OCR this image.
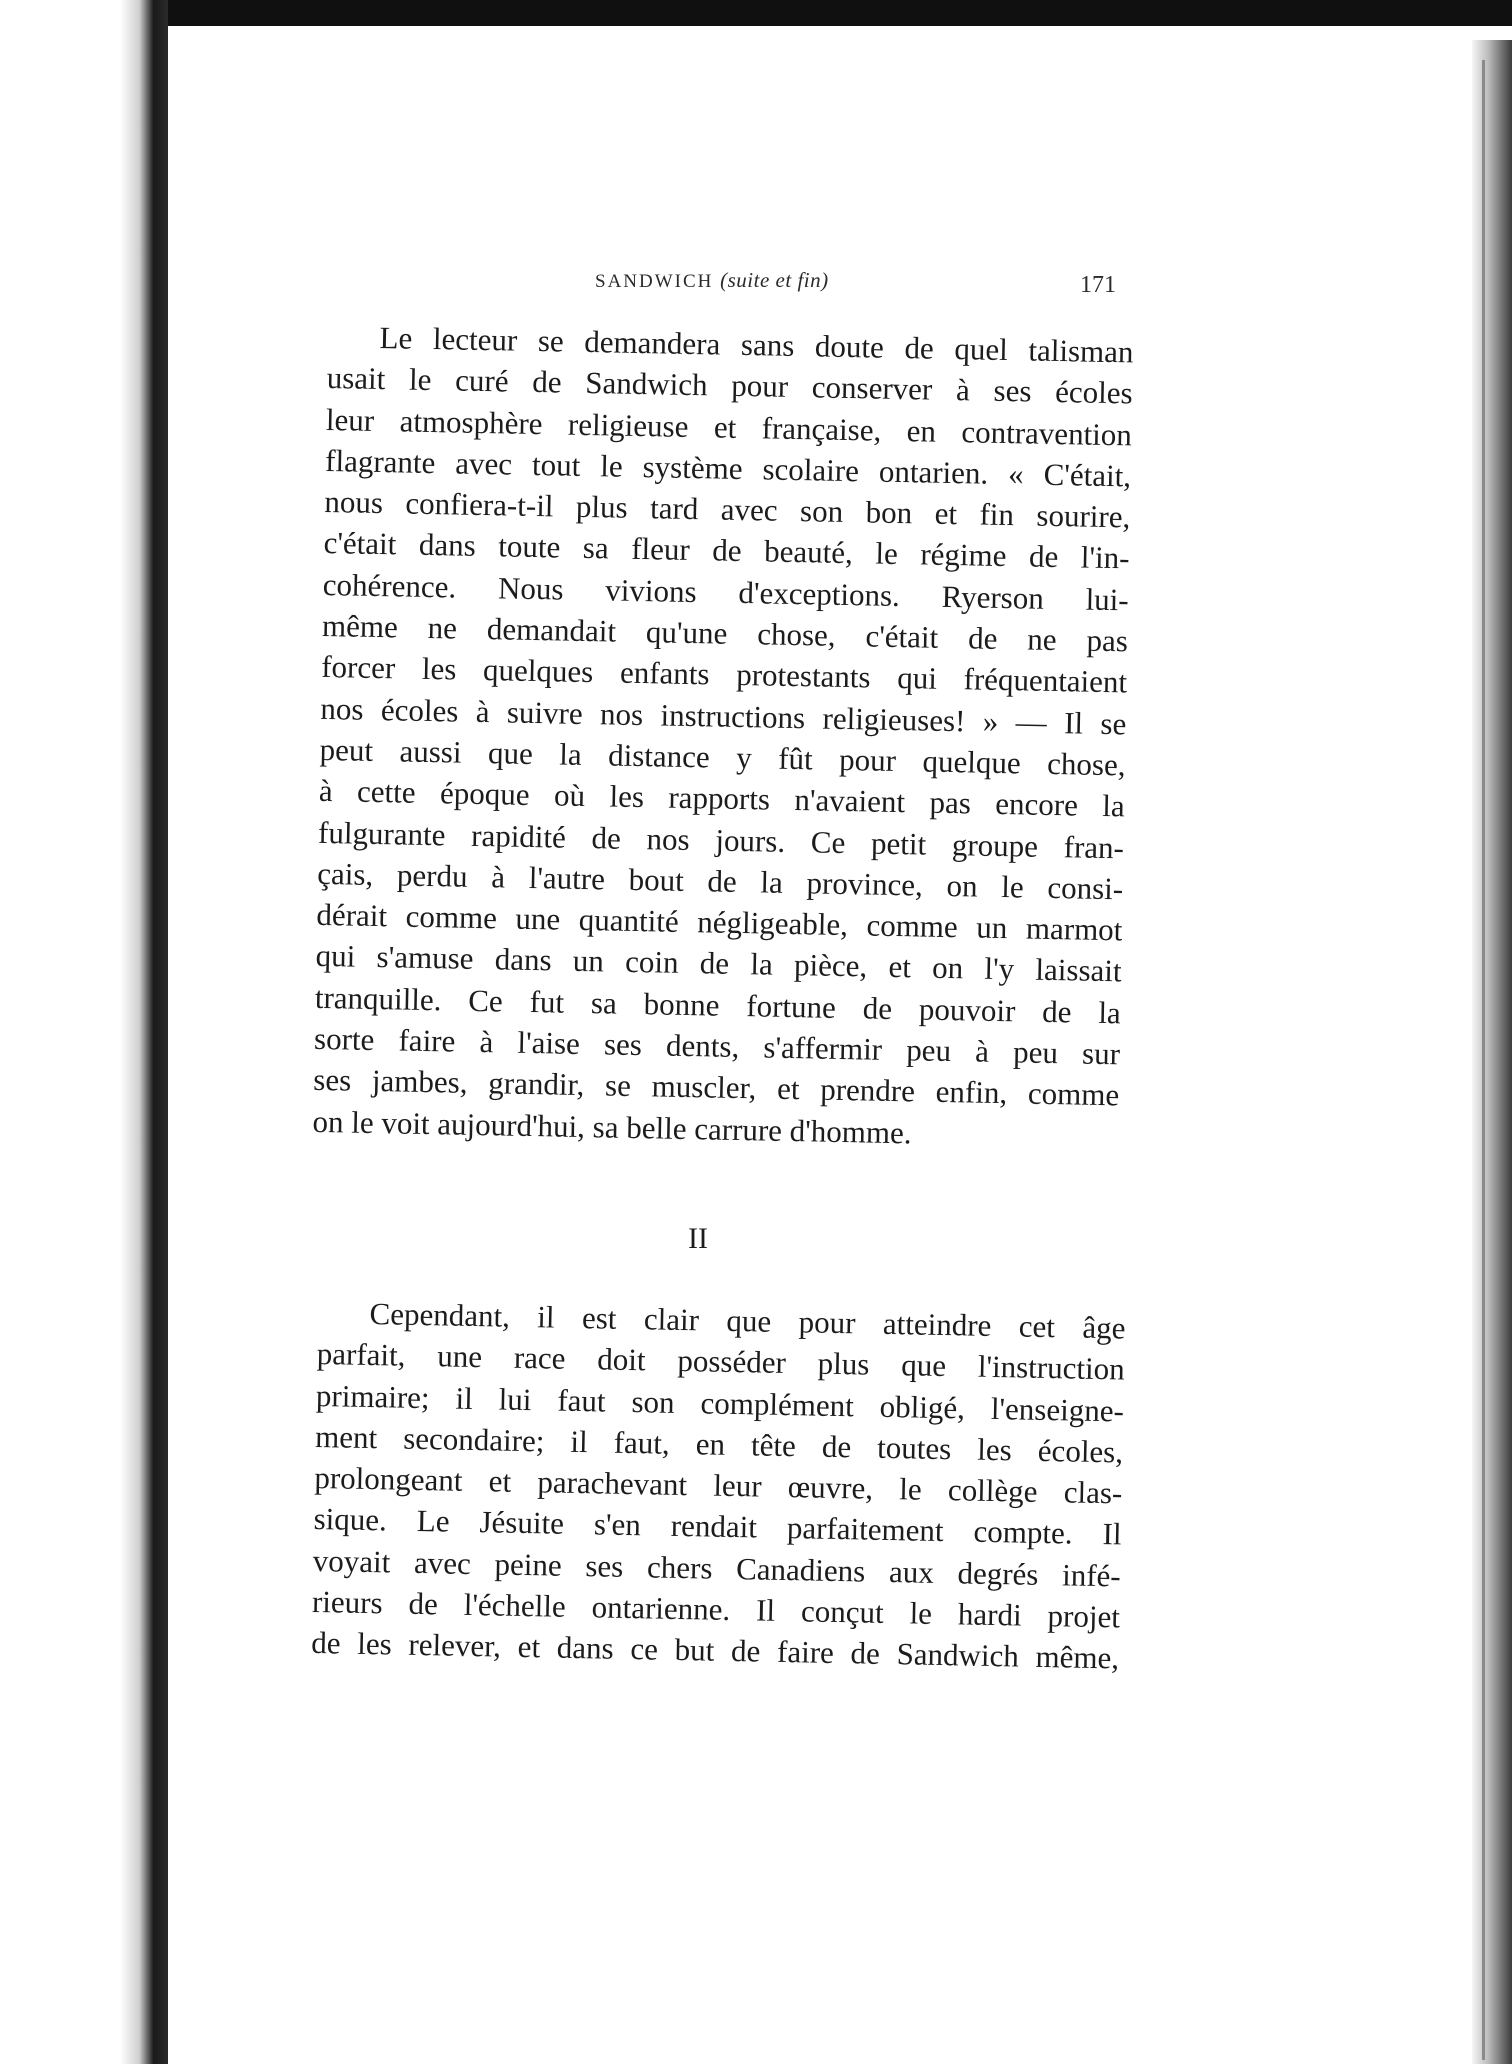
SANDWICH (suite et fin)	171
Le lecteur se demandera sans doute de quel talisman
usait le curé de Sandwich pour conserver à ses écoles
leur atmosphère religieuse et française, en contravention
flagrante avec tout le système scolaire ontarien. « C'était,
nous confiera-t-il plus tard avec son bon et fin sourire,
c'était dans toute sa fleur de beauté, le régime de l'in-
cohérence. Nous vivions d'exceptions. Ryerson lui-
même ne demandait qu'une chose, c'était de ne pas
forcer les quelques enfants protestants qui fréquentaient
nos écoles à suivre nos instructions religieuses! » — Il se
peut aussi que la distance y fût pour quelque chose,
à cette époque où les rapports n'avaient pas encore la
fulgurante rapidité de nos jours. Ce petit groupe fran-
çais, perdu à l'autre bout de la province, on le consi-
dérait comme une quantité négligeable, comme un marmot
qui s'amuse dans un coin de la pièce, et on l'y laissait
tranquille. Ce fut sa bonne fortune de pouvoir de la
sorte faire à l'aise ses dents, s'affermir peu à peu sur
ses jambes, grandir, se muscler, et prendre enfin, comme
on le voit aujourd'hui, sa belle carrure d'homme.
II
Cependant, il est clair que pour atteindre cet âge
parfait, une race doit posséder plus que l'instruction
primaire; il lui faut son complément obligé, l'enseigne-
ment secondaire; il faut, en tête de toutes les écoles,
prolongeant et parachevant leur œuvre, le collège clas-
sique. Le Jésuite s'en rendait parfaitement compte. Il
voyait avec peine ses chers Canadiens aux degrés infé-
rieurs de l'échelle ontarienne. Il conçut le hardi projet
de les relever, et dans ce but de faire de Sandwich même,
